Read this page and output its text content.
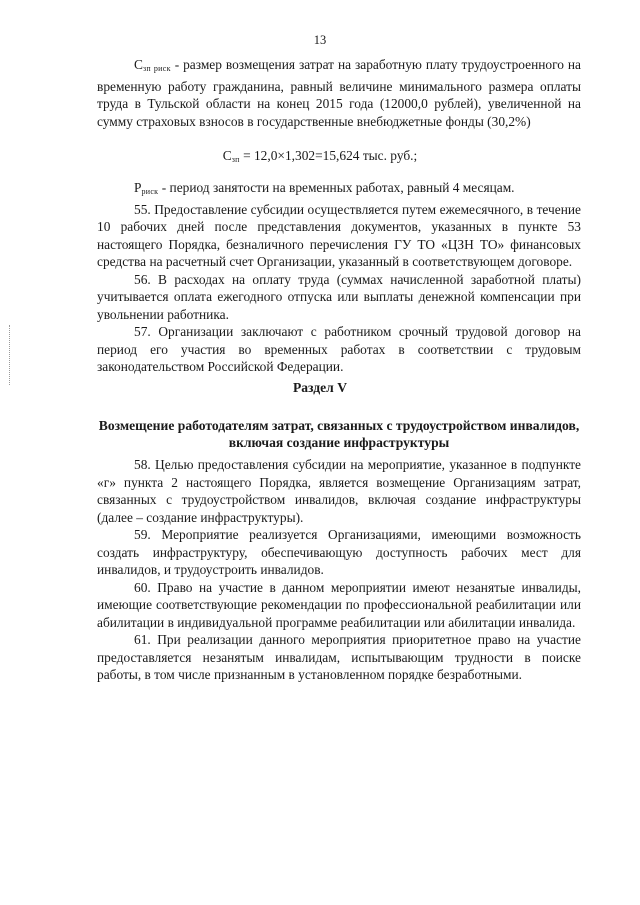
13

$С_{зп риск}$ - размер возмещения затрат на заработную плату трудоустроенного на временную работу гражданина, равный величине минимального размера оплаты труда в Тульской области на конец 2015 года (12000,0 рублей), увеличенной на сумму страховых взносов в государственные внебюджетные фонды (30,2%)

$С_{зп} = 12,0\times 1,302=15,624$ тыс. руб.;

$Р_{риск}$ - период занятости на временных работах, равный 4 месяцам.

55. Предоставление субсидии осуществляется путем ежемесячного, в течение 10 рабочих дней после представления документов, указанных в пункте 53 настоящего Порядка, безналичного перечисления ГУ ТО «ЦЗН ТО» финансовых средства на расчетный счет Организации, указанный в соответствующем договоре.

56. В расходах на оплату труда (суммах начисленной заработной платы) учитывается оплата ежегодного отпуска или выплаты денежной компенсации при увольнении работника.

57. Организации заключают с работником срочный трудовой договор на период его участия во временных работах в соответствии с трудовым законодательством Российской Федерации.

Раздел V
Возмещение работодателям затрат, связанных с трудоустройством инвалидов, включая создание инфраструктуры

58. Целью предоставления субсидии на мероприятие, указанное в подпункте «г» пункта 2 настоящего Порядка, является возмещение Организациям затрат, связанных с трудоустройством инвалидов, включая создание инфраструктуры (далее – создание инфраструктуры).

59. Мероприятие реализуется Организациями, имеющими возможность создать инфраструктуру, обеспечивающую доступность рабочих мест для инвалидов, и трудоустроить инвалидов.

60. Право на участие в данном мероприятии имеют незанятые инвалиды, имеющие соответствующие рекомендации по профессиональной реабилитации или абилитации в индивидуальной программе реабилитации или абилитации инвалида.

61. При реализации данного мероприятия приоритетное право на участие предоставляется незанятым инвалидам, испытывающим трудности в поиске работы, в том числе признанным в установленном порядке безработными.
